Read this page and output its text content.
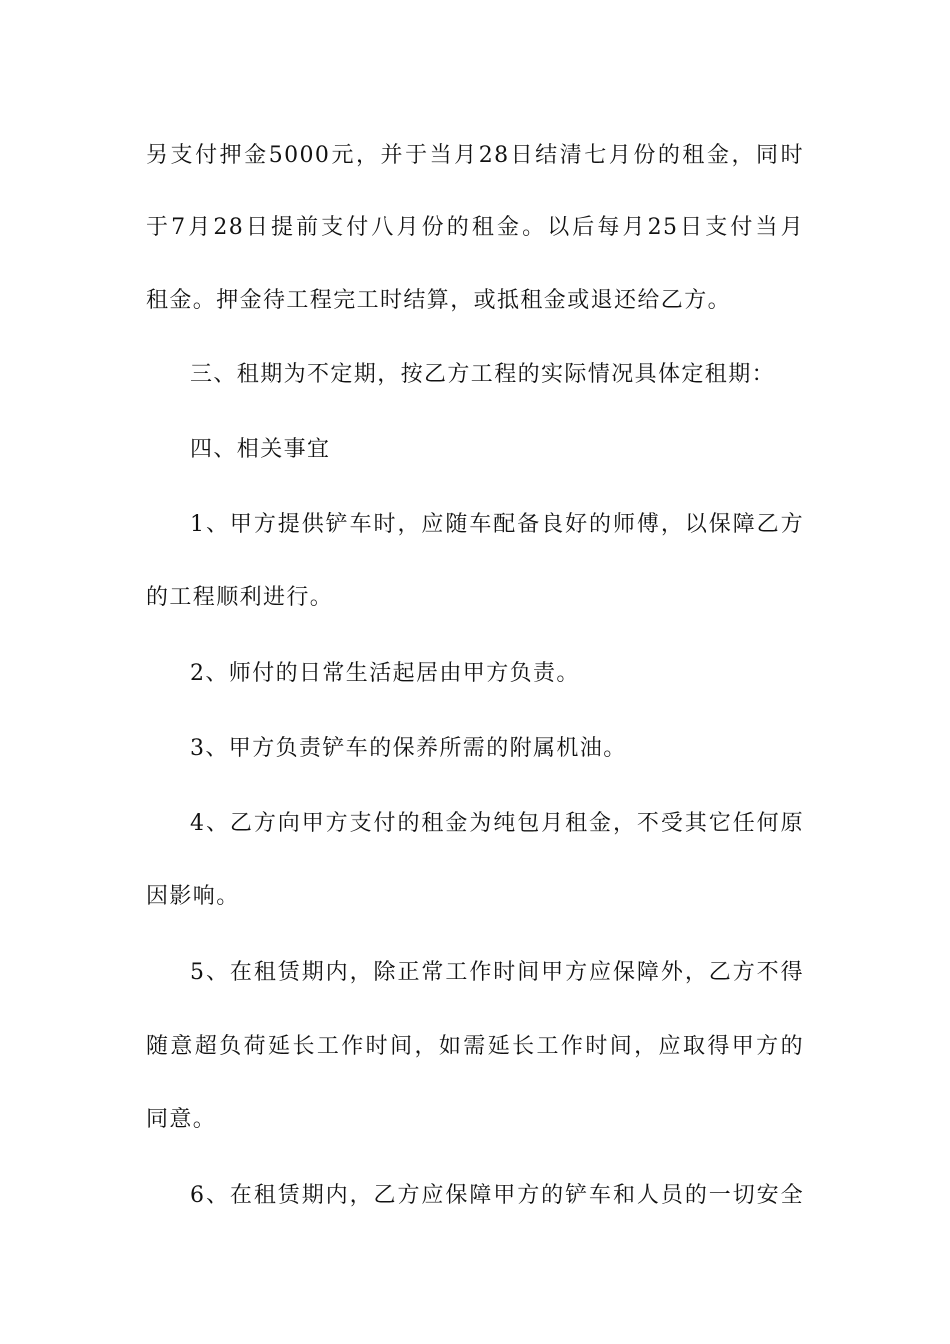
另支付押金5000元，并于当月28日结清七月份的租金，同时
于7月28日提前支付八月份的租金。以后每月25日支付当月
租金。押金待工程完工时结算，或抵租金或退还给乙方。
三、租期为不定期，按乙方工程的实际情况具体定租期：
四、相关事宜
1、甲方提供铲车时，应随车配备良好的师傅，以保障乙方
的工程顺利进行。
2、师付的日常生活起居由甲方负责。
3、甲方负责铲车的保养所需的附属机油。
4、乙方向甲方支付的租金为纯包月租金，不受其它任何原
因影响。
5、在租赁期内，除正常工作时间甲方应保障外，乙方不得
随意超负荷延长工作时间，如需延长工作时间，应取得甲方的
同意。
6、在租赁期内，乙方应保障甲方的铲车和人员的一切安全
